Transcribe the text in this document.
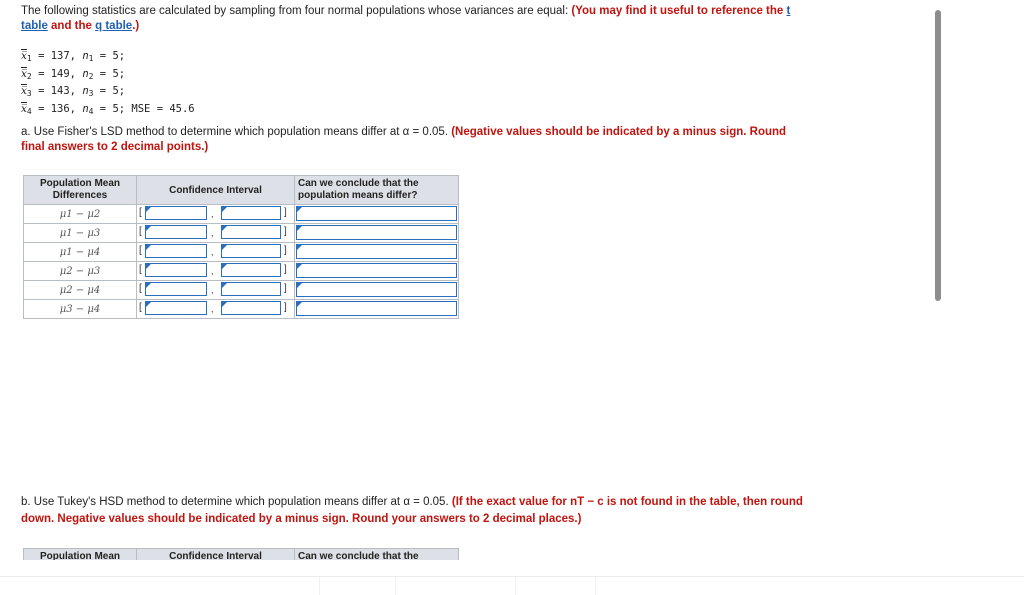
The following statistics are calculated by sampling from four normal populations whose variances are equal: (You may find it useful to reference the t table and the q table.)
$x̅_1 = 137$, $n_1 = 5$;
$x̅_2 = 149$, $n_2 = 5$;
$x̅_3 = 143$, $n_3 = 5$;
$x̅_4 = 136$, $n_4 = 5$; MSE = 45.6
a. Use Fisher's LSD method to determine which population means differ at α = 0.05. (Negative values should be indicated by a minus sign. Round final answers to 2 decimal points.)
Population Mean Differences	Confidence Interval	Can we conclude that the population means differ?
μ1 − μ2	[ , ]	

μ1 − μ3	[ , ]	

μ1 − μ4	[ , ]	

μ2 − μ3	[ , ]	

μ2 − μ4	[ , ]	

μ3 − μ4	[ , ]	

b. Use Tukey's HSD method to determine which population means differ at α = 0.05. (If the exact value for nT − c is not found in the table, then round down. Negative values should be indicated by a minus sign. Round your answers to 2 decimal places.)
Population Mean	Confidence Interval	Can we conclude that the
